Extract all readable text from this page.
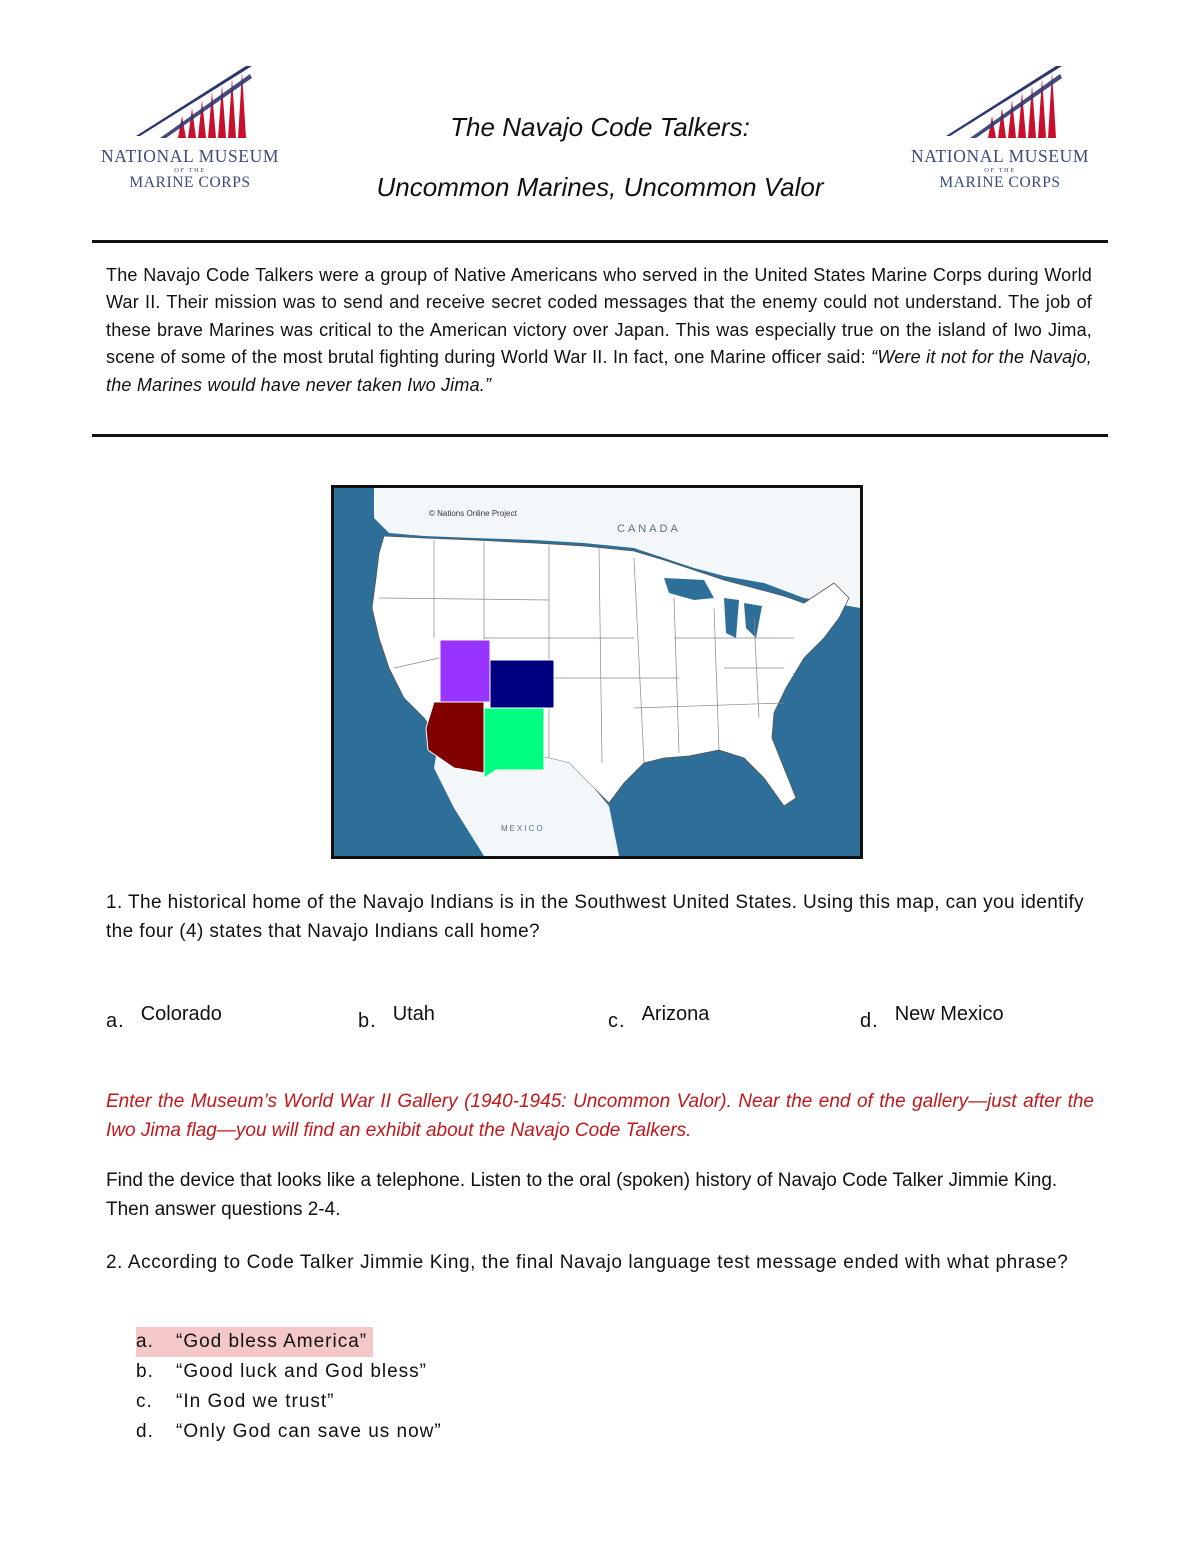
NATIONAL MUSEUM
OF THE
MARINE CORPS
NATIONAL MUSEUM
OF THE
MARINE CORPS
The Navajo Code Talkers:
Uncommon Marines, Uncommon Valor
The Navajo Code Talkers were a group of Native Americans who served in the United States Marine Corps during World War II. Their mission was to send and receive secret coded messages that the enemy could not understand. The job of these brave Marines was critical to the American victory over Japan. This was especially true on the island of Iwo Jima, scene of some of the most brutal fighting during World War II. In fact, one Marine officer said: “Were it not for the Navajo, the Marines would have never taken Iwo Jima.”
© Nations Online Project
CANADA
MEXICO
1. The historical home of the Navajo Indians is in the Southwest United States. Using this map, can you identify the four (4) states that Navajo Indians call home?
a. Colorado	b. Utah	c. Arizona	d. New Mexico
Enter the Museum’s World War II Gallery (1940-1945: Uncommon Valor). Near the end of the gallery—just after the Iwo Jima flag—you will find an exhibit about the Navajo Code Talkers.
Find the device that looks like a telephone. Listen to the oral (spoken) history of Navajo Code Talker Jimmie King. Then answer questions 2-4.
2. According to Code Talker Jimmie King, the final Navajo language test message ended with what phrase?
a. “God bless America”
b. “Good luck and God bless”
c. “In God we trust”
d. “Only God can save us now”
